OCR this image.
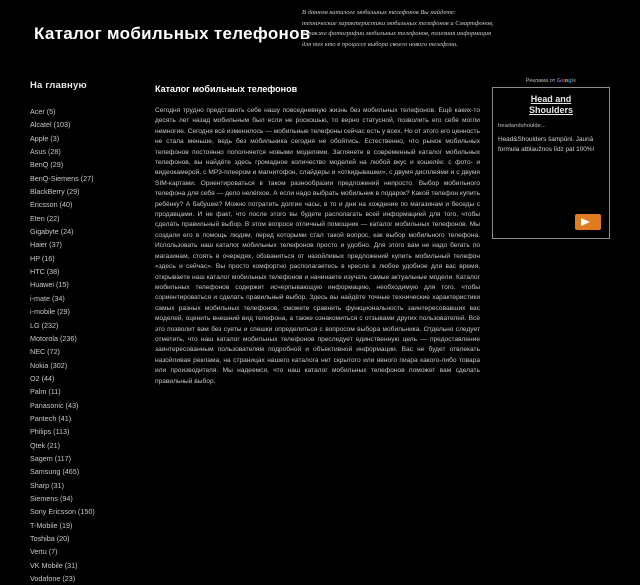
Каталог мобильных телефонов
В данном каталоге мобильных телефонов Вы найдете:
технические характеристики мобильных телефонов и Смартфонов,
а также фотографии мобильных телефонов, полезная информация
для тех кто в процессе выбора своего нового телефона.
На главную
Acer (5)
Alcatel (103)
Apple (3)
Asus (28)
BenQ (29)
BenQ-Siemens (27)
BlackBerry (29)
Ericsson (40)
Eten (22)
Gigabyte (24)
Haier (37)
HP (16)
HTC (38)
Huawei (15)
i-mate (34)
i-mobile (29)
LG (232)
Motorola (236)
NEC (72)
Nokia (302)
O2 (44)
Palm (11)
Panasonic (43)
Pantech (41)
Philips (113)
Qtek (21)
Sagem (117)
Samsung (465)
Sharp (31)
Siemens (94)
Sony Ericsson (150)
T-Mobile (19)
Toshiba (20)
Vertu (7)
VK Mobile (31)
Vodafone (23)
Каталог мобильных телефонов

Сегодня трудно представить себе нашу повседневную жизнь без мобильных телефонов. Ещё каких-то десять лет назад мобильным был если не роскошью, то верно статусной, позволить его себе могли немногие. Сегодня всё изменилось — мобильные телефоны сейчас есть у всех. Но от этого его ценность не стала меньше, ведь без мобильника сегодня не обойтись. Естественно, что рынок мобильных телефонов постоянно пополняется новыми моделями. Заглянете в современный каталог мобильных телефонов, вы найдёте здесь громадное количество моделей на любой вкус и кошелёк: с фото- и видеокамерой, с MP3-плеером и магнитофон, слайдеры и «откидывашки», с двумя дисплеями и с двумя SIM-картами. Ориентироваться в таком разнообразии предложений непросто. Выбор мобильного телефона для себя — дело нелёгкое. А если надо выбрать мобильник в подарок? Какой телефон купить ребёнку? А бабушке? Можно потратить долгие часы, в то и дни на хождение по магазинам и беседы с продавцами. И не факт, что после этого вы будете располагать всей информацией для того, чтобы сделать правильный выбор. В этом вопросе отличный помощник — каталог мобильных телефонов. Мы создали его в помощь людям, перед которыми стал такой вопрос, как выбор мобильного телефона. Использовать наш каталог мобильных телефонов просто и удобно. Для этого вам не надо бегать по магазинам, стоять в очередях, обзваниться от назойливых предложений купить мобильный телефон «здесь и сейчас». Вы просто комфортно располагаетесь в кресле в любое удобное для вас время, открываете наш каталог мобильных телефонов и начинаете изучать самые актуальные модели. Каталог мобильных телефонов содержит исчерпывающую информацию, необходимую для того, чтобы сориентироваться и сделать правильный выбор. Здесь вы найдёте точные технические характеристики самых разных мобильных телефонов, сможете сравнить функциональность заинтересовавших вас моделей, оценить внешний вид телефона, а также ознакомиться с отзывами других пользователей. Всё это позволит вам без суеты и спешки определиться с вопросом выбора мобильника. Отдельно следует отметить, что наш каталог мобильных телефонов преследует единственную цель — предоставление заинтересованным пользователям подробной и объективной информации. Вас не будет отвлекать назойливая реклама, на страницах нашего каталога нет скрытого или явного пиара какого-либо товара или производителя. Мы надеемся, что наш каталог мобильных телефонов поможет вам сделать правильный выбор.

Реклама от Google
Head and
Shoulders
headandshoulde...
Head&Shoulders šampūni. Jaunā formula atblaužnos līdz pat 100%!
